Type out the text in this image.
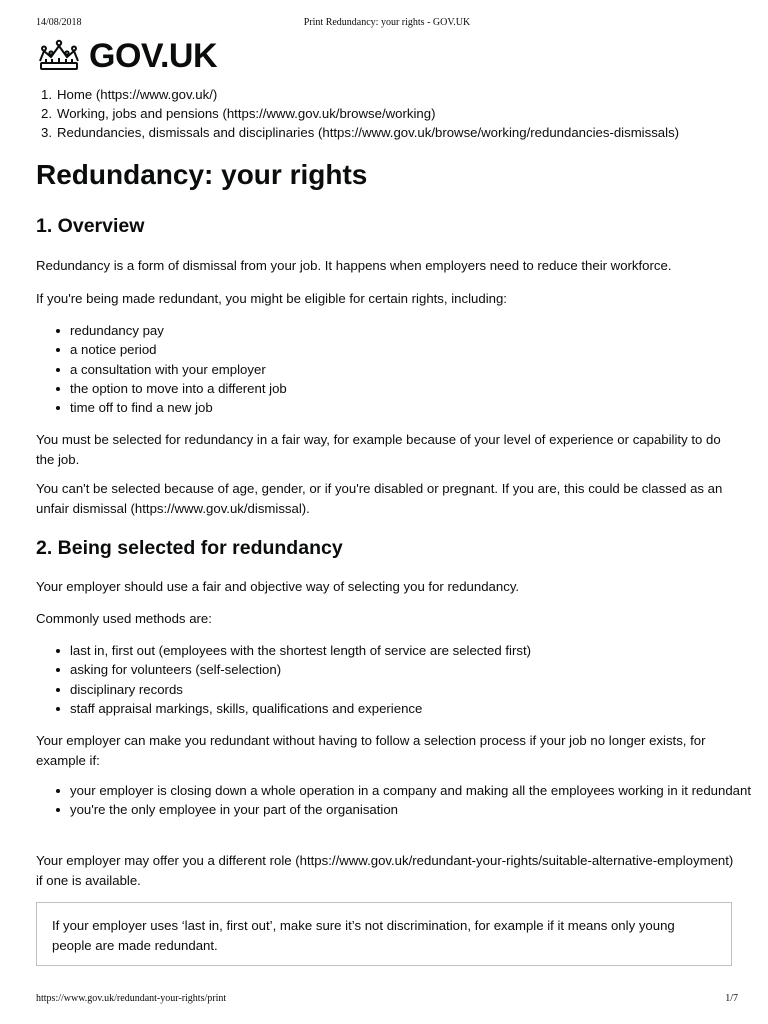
14/08/2018	Print Redundancy: your rights - GOV.UK
GOV.UK
1. Home (https://www.gov.uk/)
2. Working, jobs and pensions (https://www.gov.uk/browse/working)
3. Redundancies, dismissals and disciplinaries (https://www.gov.uk/browse/working/redundancies-dismissals)
Redundancy: your rights
1. Overview

Redundancy is a form of dismissal from your job. It happens when employers need to reduce their workforce.

If you're being made redundant, you might be eligible for certain rights, including:

redundancy pay
a notice period
a consultation with your employer
the option to move into a different job
time off to find a new job

You must be selected for redundancy in a fair way, for example because of your level of experience or capability to do the job.

You can't be selected because of age, gender, or if you're disabled or pregnant. If you are, this could be classed as an unfair dismissal (https://www.gov.uk/dismissal).

2. Being selected for redundancy

Your employer should use a fair and objective way of selecting you for redundancy.

Commonly used methods are:

last in, first out (employees with the shortest length of service are selected first)
asking for volunteers (self-selection)
disciplinary records
staff appraisal markings, skills, qualifications and experience

Your employer can make you redundant without having to follow a selection process if your job no longer exists, for example if:

your employer is closing down a whole operation in a company and making all the employees working in it redundant
you're the only employee in your part of the organisation

Your employer may offer you a different role (https://www.gov.uk/redundant-your-rights/suitable-alternative-employment) if one is available.

If your employer uses ‘last in, first out’, make sure it’s not discrimination, for example if it means only young people are made redundant.

https://www.gov.uk/redundant-your-rights/print	1/7
